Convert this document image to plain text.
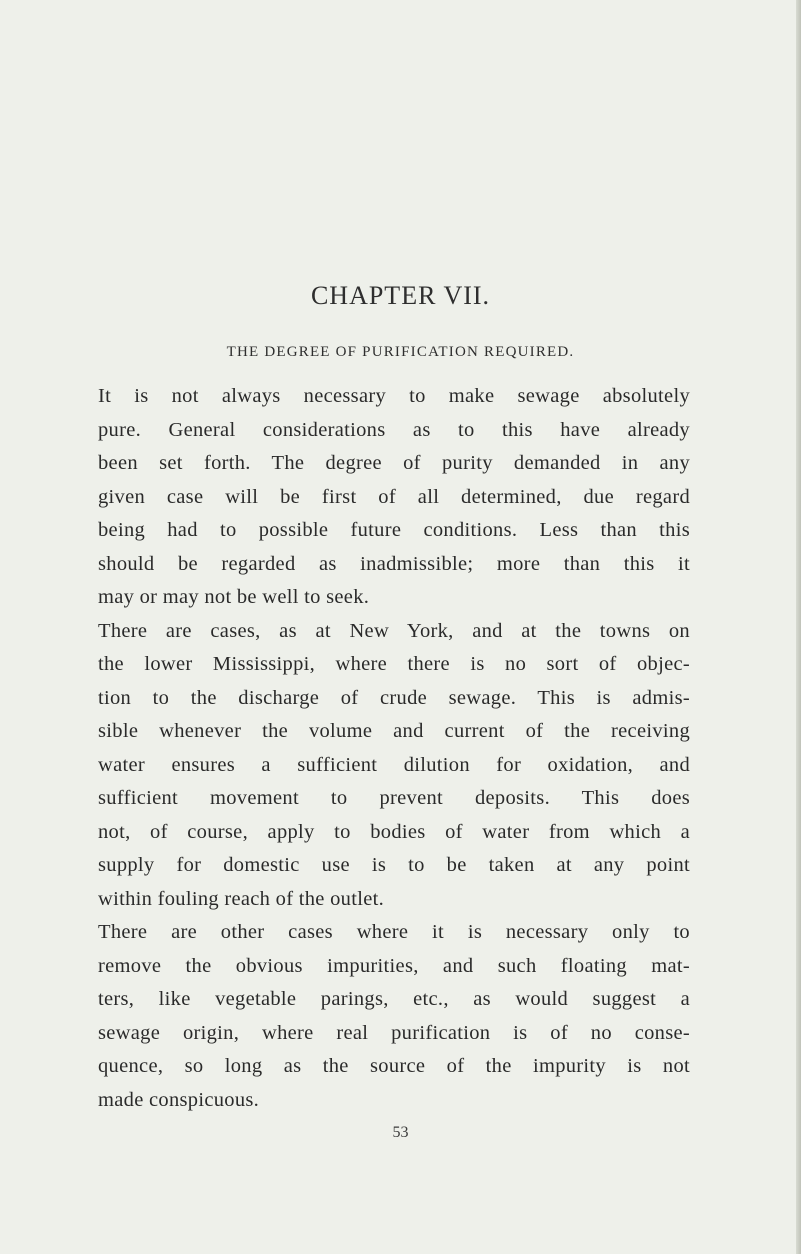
CHAPTER VII.
THE DEGREE OF PURIFICATION REQUIRED.
It is not always necessary to make sewage absolutely
pure. General considerations as to this have already
been set forth. The degree of purity demanded in any
given case will be first of all determined, due regard
being had to possible future conditions. Less than this
should be regarded as inadmissible; more than this it
may or may not be well to seek.
There are cases, as at New York, and at the towns on
the lower Mississippi, where there is no sort of objec-
tion to the discharge of crude sewage. This is admis-
sible whenever the volume and current of the receiving
water ensures a sufficient dilution for oxidation, and
sufficient movement to prevent deposits. This does
not, of course, apply to bodies of water from which a
supply for domestic use is to be taken at any point
within fouling reach of the outlet.
There are other cases where it is necessary only to
remove the obvious impurities, and such floating mat-
ters, like vegetable parings, etc., as would suggest a
sewage origin, where real purification is of no conse-
quence, so long as the source of the impurity is not
made conspicuous.
53
